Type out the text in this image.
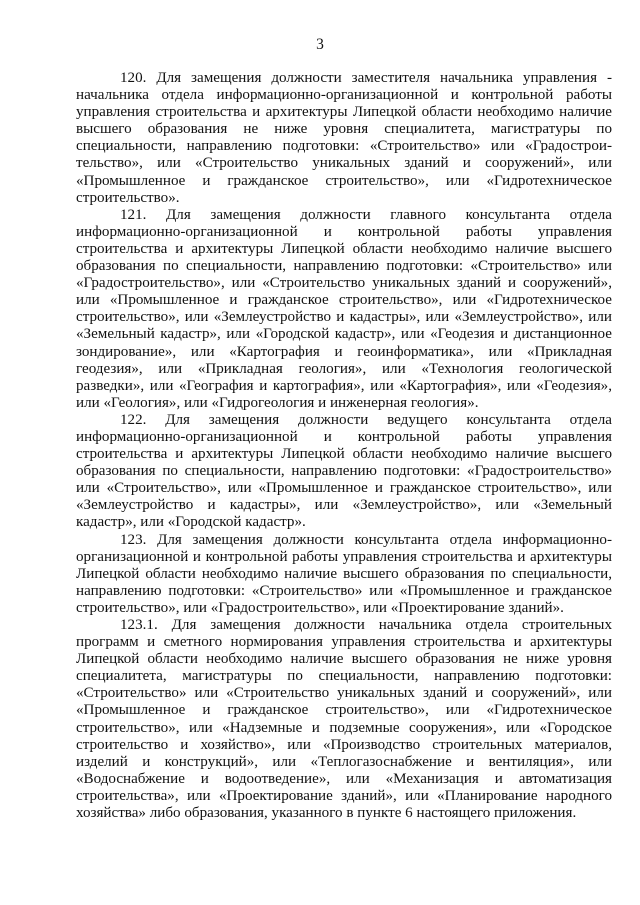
3

120. Для замещения должности заместителя начальника управления -
начальника отдела информационно-организационной и контрольной работы
управления строительства и архитектуры Липецкой области необходимо наличие
высшего образования не ниже уровня специалитета, магистратуры по
специальности, направлению подготовки: «Строительство» или «Градострои-
тельство», или «Строительство уникальных зданий и сооружений», или
«Промышленное и гражданское строительство», или «Гидротехническое
строительство».

121. Для замещения должности главного консультанта отдела
информационно-организационной и контрольной работы управления
строительства и архитектуры Липецкой области необходимо наличие высшего
образования по специальности, направлению подготовки: «Строительство» или
«Градостроительство», или «Строительство уникальных зданий и сооружений»,
или «Промышленное и гражданское строительство», или «Гидротехническое
строительство», или «Землеустройство и кадастры», или «Землеустройство», или
«Земельный кадастр», или «Городской кадастр», или «Геодезия и дистанционное
зондирование», или «Картография и геоинформатика», или «Прикладная
геодезия», или «Прикладная геология», или «Технология геологической
разведки», или «География и картография», или «Картография», или «Геодезия»,
или «Геология», или «Гидрогеология и инженерная геология».

122. Для замещения должности ведущего консультанта отдела
информационно-организационной и контрольной работы управления
строительства и архитектуры Липецкой области необходимо наличие высшего
образования по специальности, направлению подготовки: «Градостроительство»
или «Строительство», или «Промышленное и гражданское строительство», или
«Землеустройство и кадастры», или «Землеустройство», или «Земельный
кадастр», или «Городской кадастр».

123. Для замещения должности консультанта отдела информационно-
организационной и контрольной работы управления строительства и архитектуры
Липецкой области необходимо наличие высшего образования по специальности,
направлению подготовки: «Строительство» или «Промышленное и гражданское
строительство», или «Градостроительство», или «Проектирование зданий».

123.1. Для замещения должности начальника отдела строительных
программ и сметного нормирования управления строительства и архитектуры
Липецкой области необходимо наличие высшего образования не ниже уровня
специалитета, магистратуры по специальности, направлению подготовки:
«Строительство» или «Строительство уникальных зданий и сооружений», или
«Промышленное и гражданское строительство», или «Гидротехническое
строительство», или «Надземные и подземные сооружения», или «Городское
строительство и хозяйство», или «Производство строительных материалов,
изделий и конструкций», или «Теплогазоснабжение и вентиляция», или
«Водоснабжение и водоотведение», или «Механизация и автоматизация
строительства», или «Проектирование зданий», или «Планирование народного
хозяйства» либо образования, указанного в пункте 6 настоящего приложения.
